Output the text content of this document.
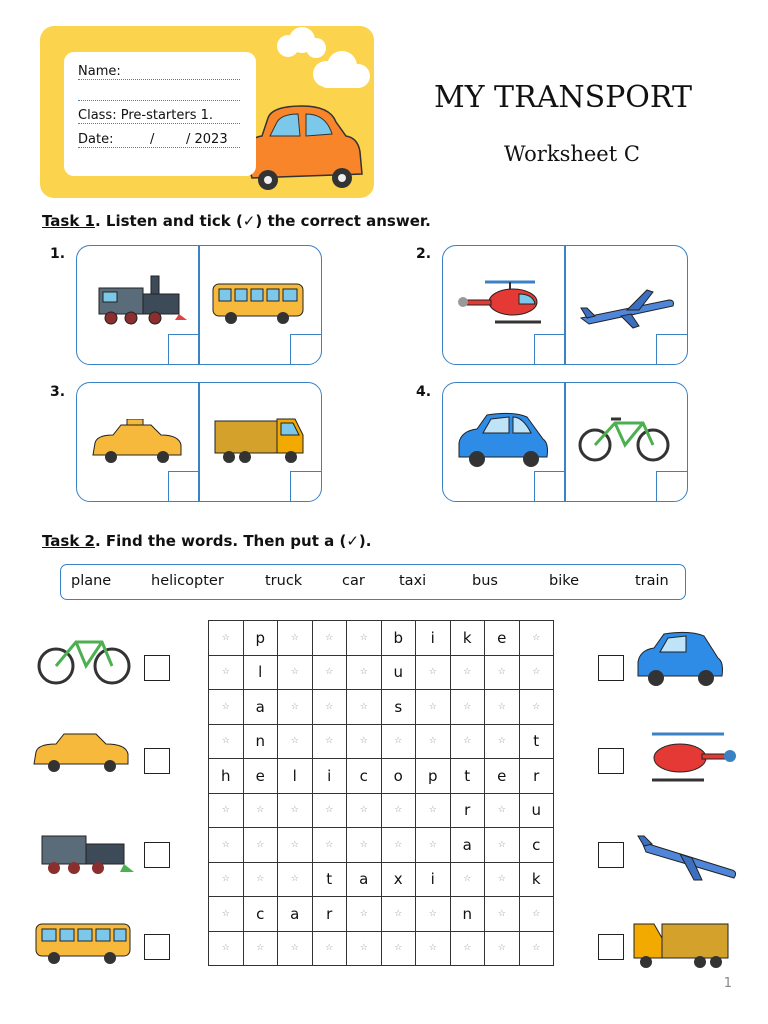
Name:
Class: Pre-starters 1.
Date:	/ / 2023
MY TRANSPORT
Worksheet C
Task 1. Listen and tick (✓) the correct answer.
1.	2.
3.	4.
Task 2. Find the words. Then put a (✓).
plane	helicopter	truck	car taxi	bus	bike	train
☆	p	☆	☆	☆	b	i	k	e	☆
☆	l	☆	☆	☆	u	☆	☆	☆	☆
☆	a	☆	☆	☆	s	☆	☆	☆	☆
☆	n	☆	☆	☆	☆	☆	☆	☆	t
h	e	l	i	c	o	p	t	e	r
☆	☆	☆	☆	☆	☆	☆	r	☆	u
☆	☆	☆	☆	☆	☆	☆	a	☆	c
☆	☆	☆	t	a	x	i	☆	☆	k
☆	c	a	r	☆	☆	☆	n	☆	☆
☆	☆	☆	☆	☆	☆	☆	☆	☆	☆
1
